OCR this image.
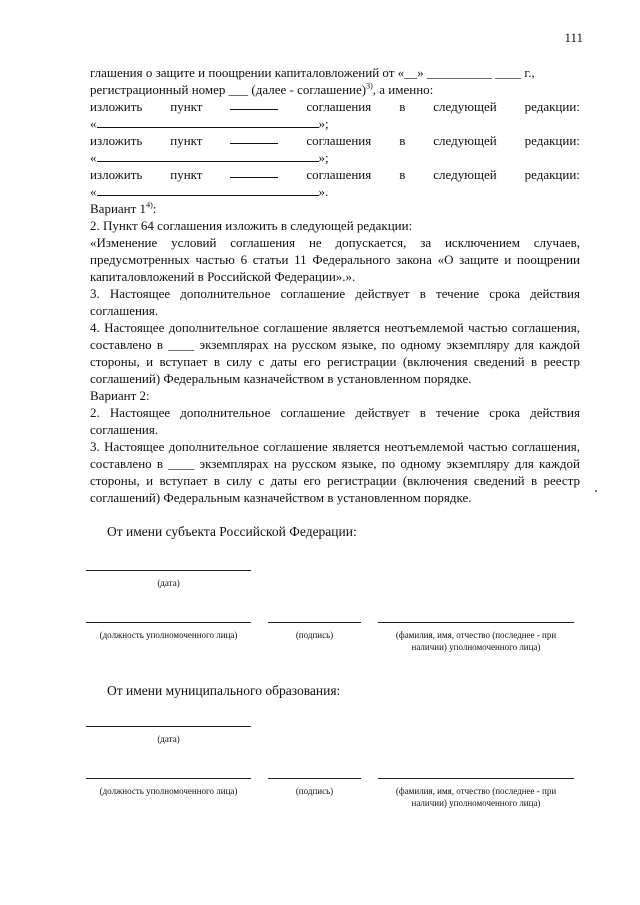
111

глашения о защите и поощрении капиталовложений от «__» __________ ____ г.,

регистрационный номер ___ (далее - соглашение)$^{3)}$, а именно:

изложить пункт	соглашения в следующей редакции:
«	»;
изложить пункт	соглашения в следующей редакции:
«	»;
изложить пункт	соглашения в следующей редакции:
«	».

Вариант 1$^{4)}$:

2. Пункт 64 соглашения изложить в следующей редакции:

«Изменение условий соглашения не допускается, за исключением случаев, предусмотренных частью 6 статьи 11 Федерального закона «О защите и поощрении капиталовложений в Российской Федерации».».

3. Настоящее дополнительное соглашение действует в течение срока действия соглашения.

4. Настоящее дополнительное соглашение является неотъемлемой частью соглашения, составлено в ____ экземплярах на русском языке, по одному экземпляру для каждой стороны, и вступает в силу с даты его регистрации (включения сведений в реестр соглашений) Федеральным казначейством в установленном порядке.

Вариант 2:

2. Настоящее дополнительное соглашение действует в течение срока действия соглашения.

3. Настоящее дополнительное соглашение является неотъемлемой частью соглашения, составлено в ____ экземплярах на русском языке, по одному экземпляру для каждой стороны, и вступает в силу с даты его регистрации (включения сведений в реестр соглашений) Федеральным казначейством в установленном порядке.

От имени субъекта Российской Федерации:
(дата)
(должность уполномоченного лица)	(подпись)	(фамилия, имя, отчество (последнее - при наличии) уполномоченного лица)
От имени муниципального образования:
(дата)
(должность уполномоченного лица)	(подпись)	(фамилия, имя, отчество (последнее - при наличии) уполномоченного лица)
